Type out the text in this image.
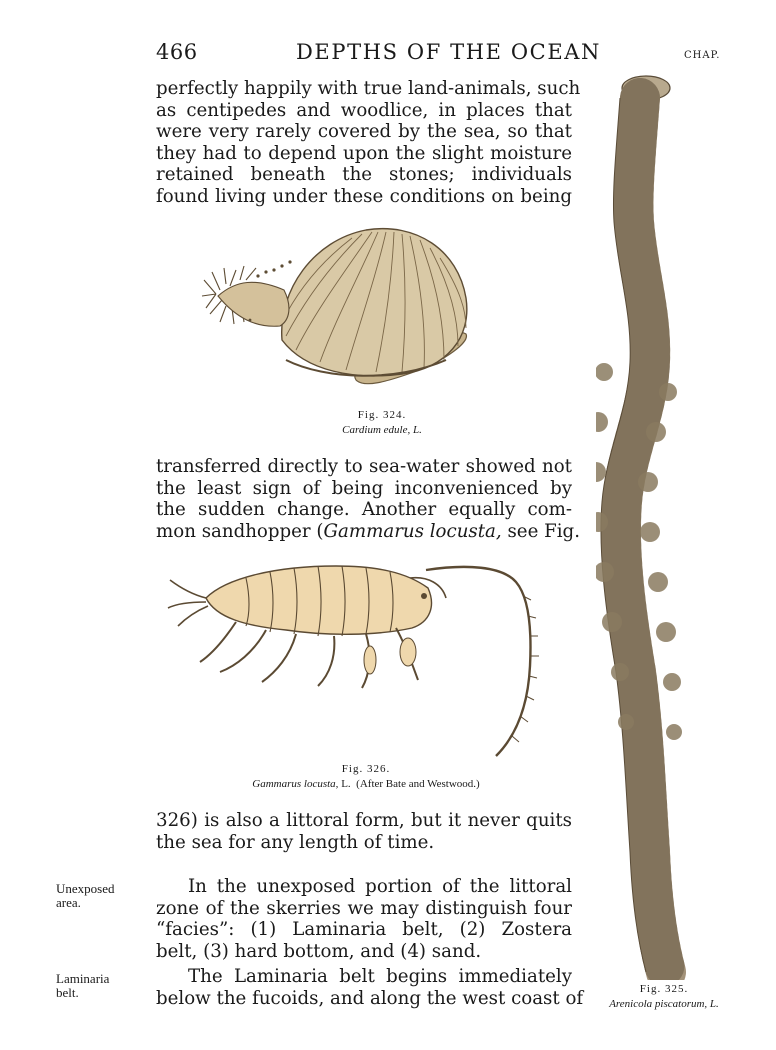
466	DEPTHS OF THE OCEAN	CHAP.
perfectly happily with true land-animals, such
as centipedes and woodlice, in places that
were very rarely covered by the sea, so that
they had to depend upon the slight moisture
retained beneath the stones; individuals
found living under these conditions on being
Fig. 324.
Cardium edule, L.
transferred directly to sea-water showed not
the least sign of being inconvenienced by
the sudden change. Another equally com-
mon sandhopper (Gammarus locusta, see Fig.
Fig. 326.
Gammarus locusta, L. (After Bate and Westwood.)
326) is also a littoral form, but it never quits
the sea for any length of time.
Unexposed
area.
Laminaria
belt.
In the unexposed portion of the littoral
zone of the skerries we may distinguish four
“facies”: (1) Laminaria belt, (2) Zostera
belt, (3) hard bottom, and (4) sand.
The Laminaria belt begins immediately
below the fucoids, and along the west coast of	Fig. 325.
Arenicola piscatorum, L.
